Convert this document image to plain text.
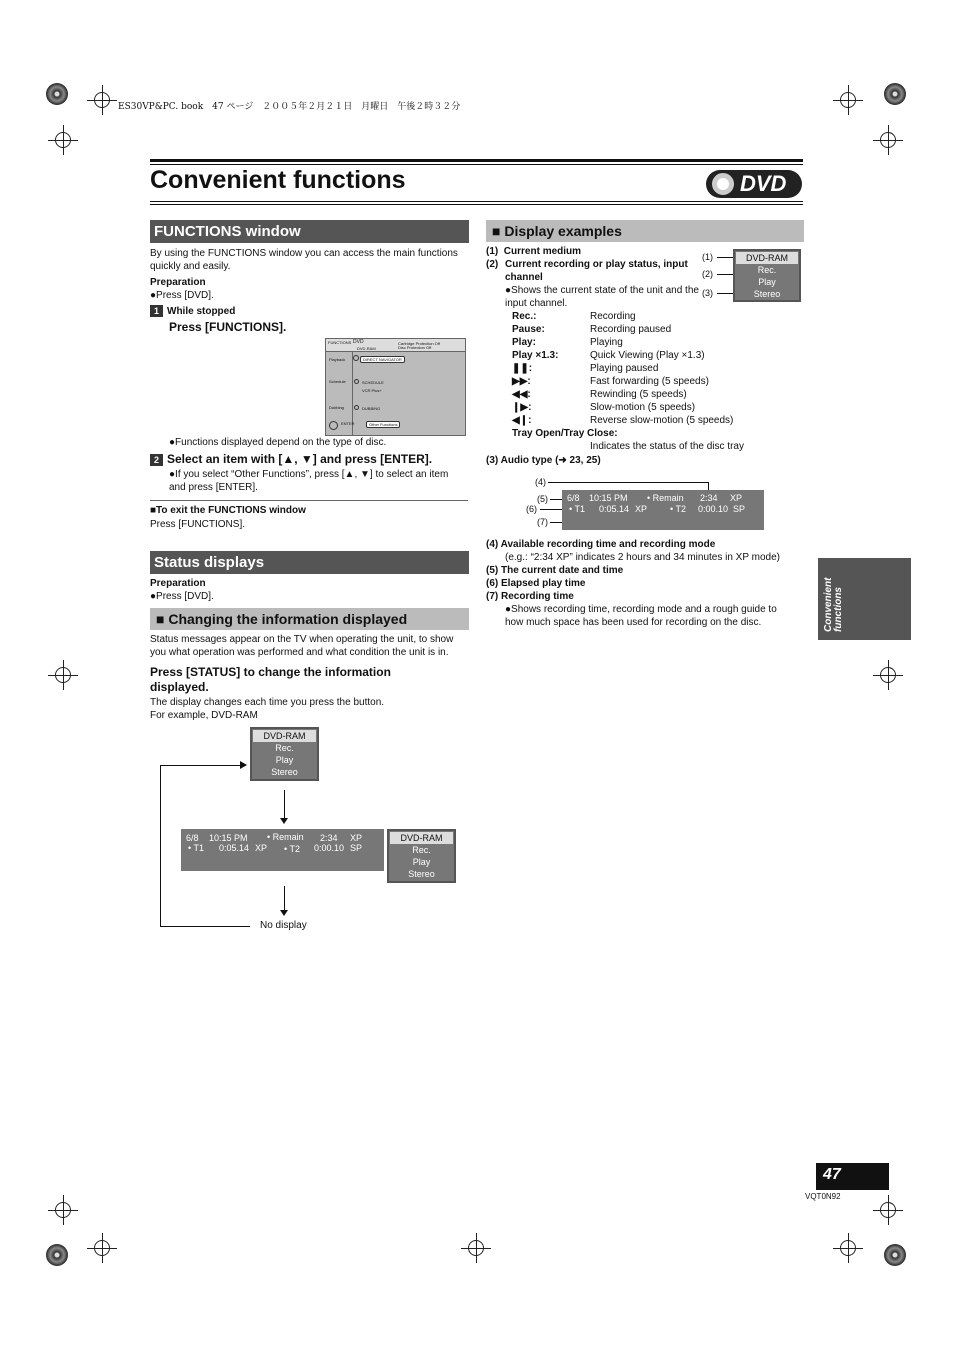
ES30VP&PC. book　47 ページ　２００５年２月２１日　月曜日　午後２時３２分
Convenient functions	DVD
FUNCTIONS window
By using the FUNCTIONS window you can access the main functions quickly and easily.
Preparation
●Press [DVD].
1 While stopped
Press [FUNCTIONS].
FUNCTIONS DVD
DVD-RAM
Cartridge Protection Off
Disc Protection Off
Playback
Schedule
Dubbing
DIRECT NAVIGATOR
SCHEDULE
VCR Plus+
DUBBING
Other Functions
ENTER
●Functions displayed depend on the type of disc.
2 Select an item with [▲, ▼] and press [ENTER].
●If you select “Other Functions”, press [▲, ▼] to select an item and press [ENTER].
■To exit the FUNCTIONS window
Press [FUNCTIONS].
Status displays
Preparation
●Press [DVD].
■ Changing the information displayed
Status messages appear on the TV when operating the unit, to show you what operation was performed and what condition the unit is in.
Press [STATUS] to change the information displayed.
The display changes each time you press the button.
For example, DVD-RAM
DVD-RAM
Rec.
Play
Stereo
6/8 10:15 PM • Remain 2:34 XP
• T1 0:05.14 XP • T2 0:00.10 SP
DVD-RAM
Rec.
Play
Stereo
No display
■ Display examples
(1) Current medium
(2) Current recording or play status, input channel
●Shows the current state of the unit and the input channel.
Rec.:	Recording
Pause:	Recording paused
Play:	Playing
Play ×1.3:	Quick Viewing (Play ×1.3)
❚❚:	Playing paused
▶▶:	Fast forwarding (5 speeds)
◀◀:	Rewinding (5 speeds)
❙▶:	Slow-motion (5 speeds)
◀❙:	Reverse slow-motion (5 speeds)
Tray Open/Tray Close:
Indicates the status of the disc tray
(3) Audio type (➜ 23, 25)
(1)
(2)
(3)
DVD-RAM
Rec.
Play
Stereo
(4)
(5)
(6)
(7)
6/8 10:15 PM • Remain 2:34 XP
• T1 0:05.14 XP	• T2 0:00.10 SP
(4) Available recording time and recording mode
(e.g.: “2:34 XP” indicates 2 hours and 34 minutes in XP mode)
(5) The current date and time
(6) Elapsed play time
(7) Recording time
●Shows recording time, recording mode and a rough guide to how much space has been used for recording on the disc.	Convenient functions
47
VQT0N92
